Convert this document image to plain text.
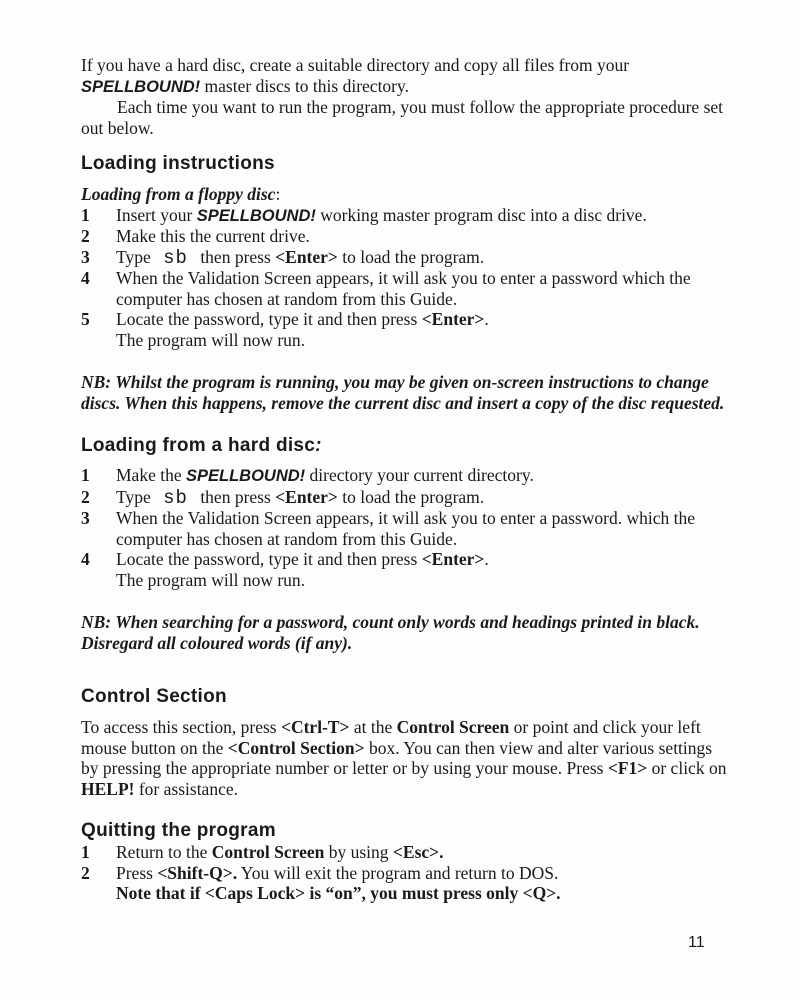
If you have a hard disc, create a suitable directory and copy all files from your SPELLBOUND! master discs to this directory.

Each time you want to run the program, you must follow the appropriate procedure set out below.

Loading instructions

Loading from a floppy disc:

1 Insert your SPELLBOUND! working master program disc into a disc drive.
2 Make this the current drive.
3 Type sb then press <Enter> to load the program.
4 When the Validation Screen appears, it will ask you to enter a password which the computer has chosen at random from this Guide.
5 Locate the password, type it and then press <Enter>.
The program will now run.

NB: Whilst the program is running, you may be given on-screen instructions to change discs. When this happens, remove the current disc and insert a copy of the disc requested.

Loading from a hard disc:
1 Make the SPELLBOUND! directory your current directory.
2 Type sb then press <Enter> to load the program.
3 When the Validation Screen appears, it will ask you to enter a password. which the computer has chosen at random from this Guide.
4 Locate the password, type it and then press <Enter>.
The program will now run.

NB: When searching for a password, count only words and headings printed in black. Disregard all coloured words (if any).

Control Section

To access this section, press <Ctrl-T> at the Control Screen or point and click your left mouse button on the <Control Section> box. You can then view and alter various settings by pressing the appropriate number or letter or by using your mouse. Press <F1> or click on HELP! for assistance.

Quitting the program
1 Return to the Control Screen by using <Esc>.
2 Press <Shift-Q>. You will exit the program and return to DOS.
Note that if <Caps Lock> is “on”, you must press only <Q>.
11
